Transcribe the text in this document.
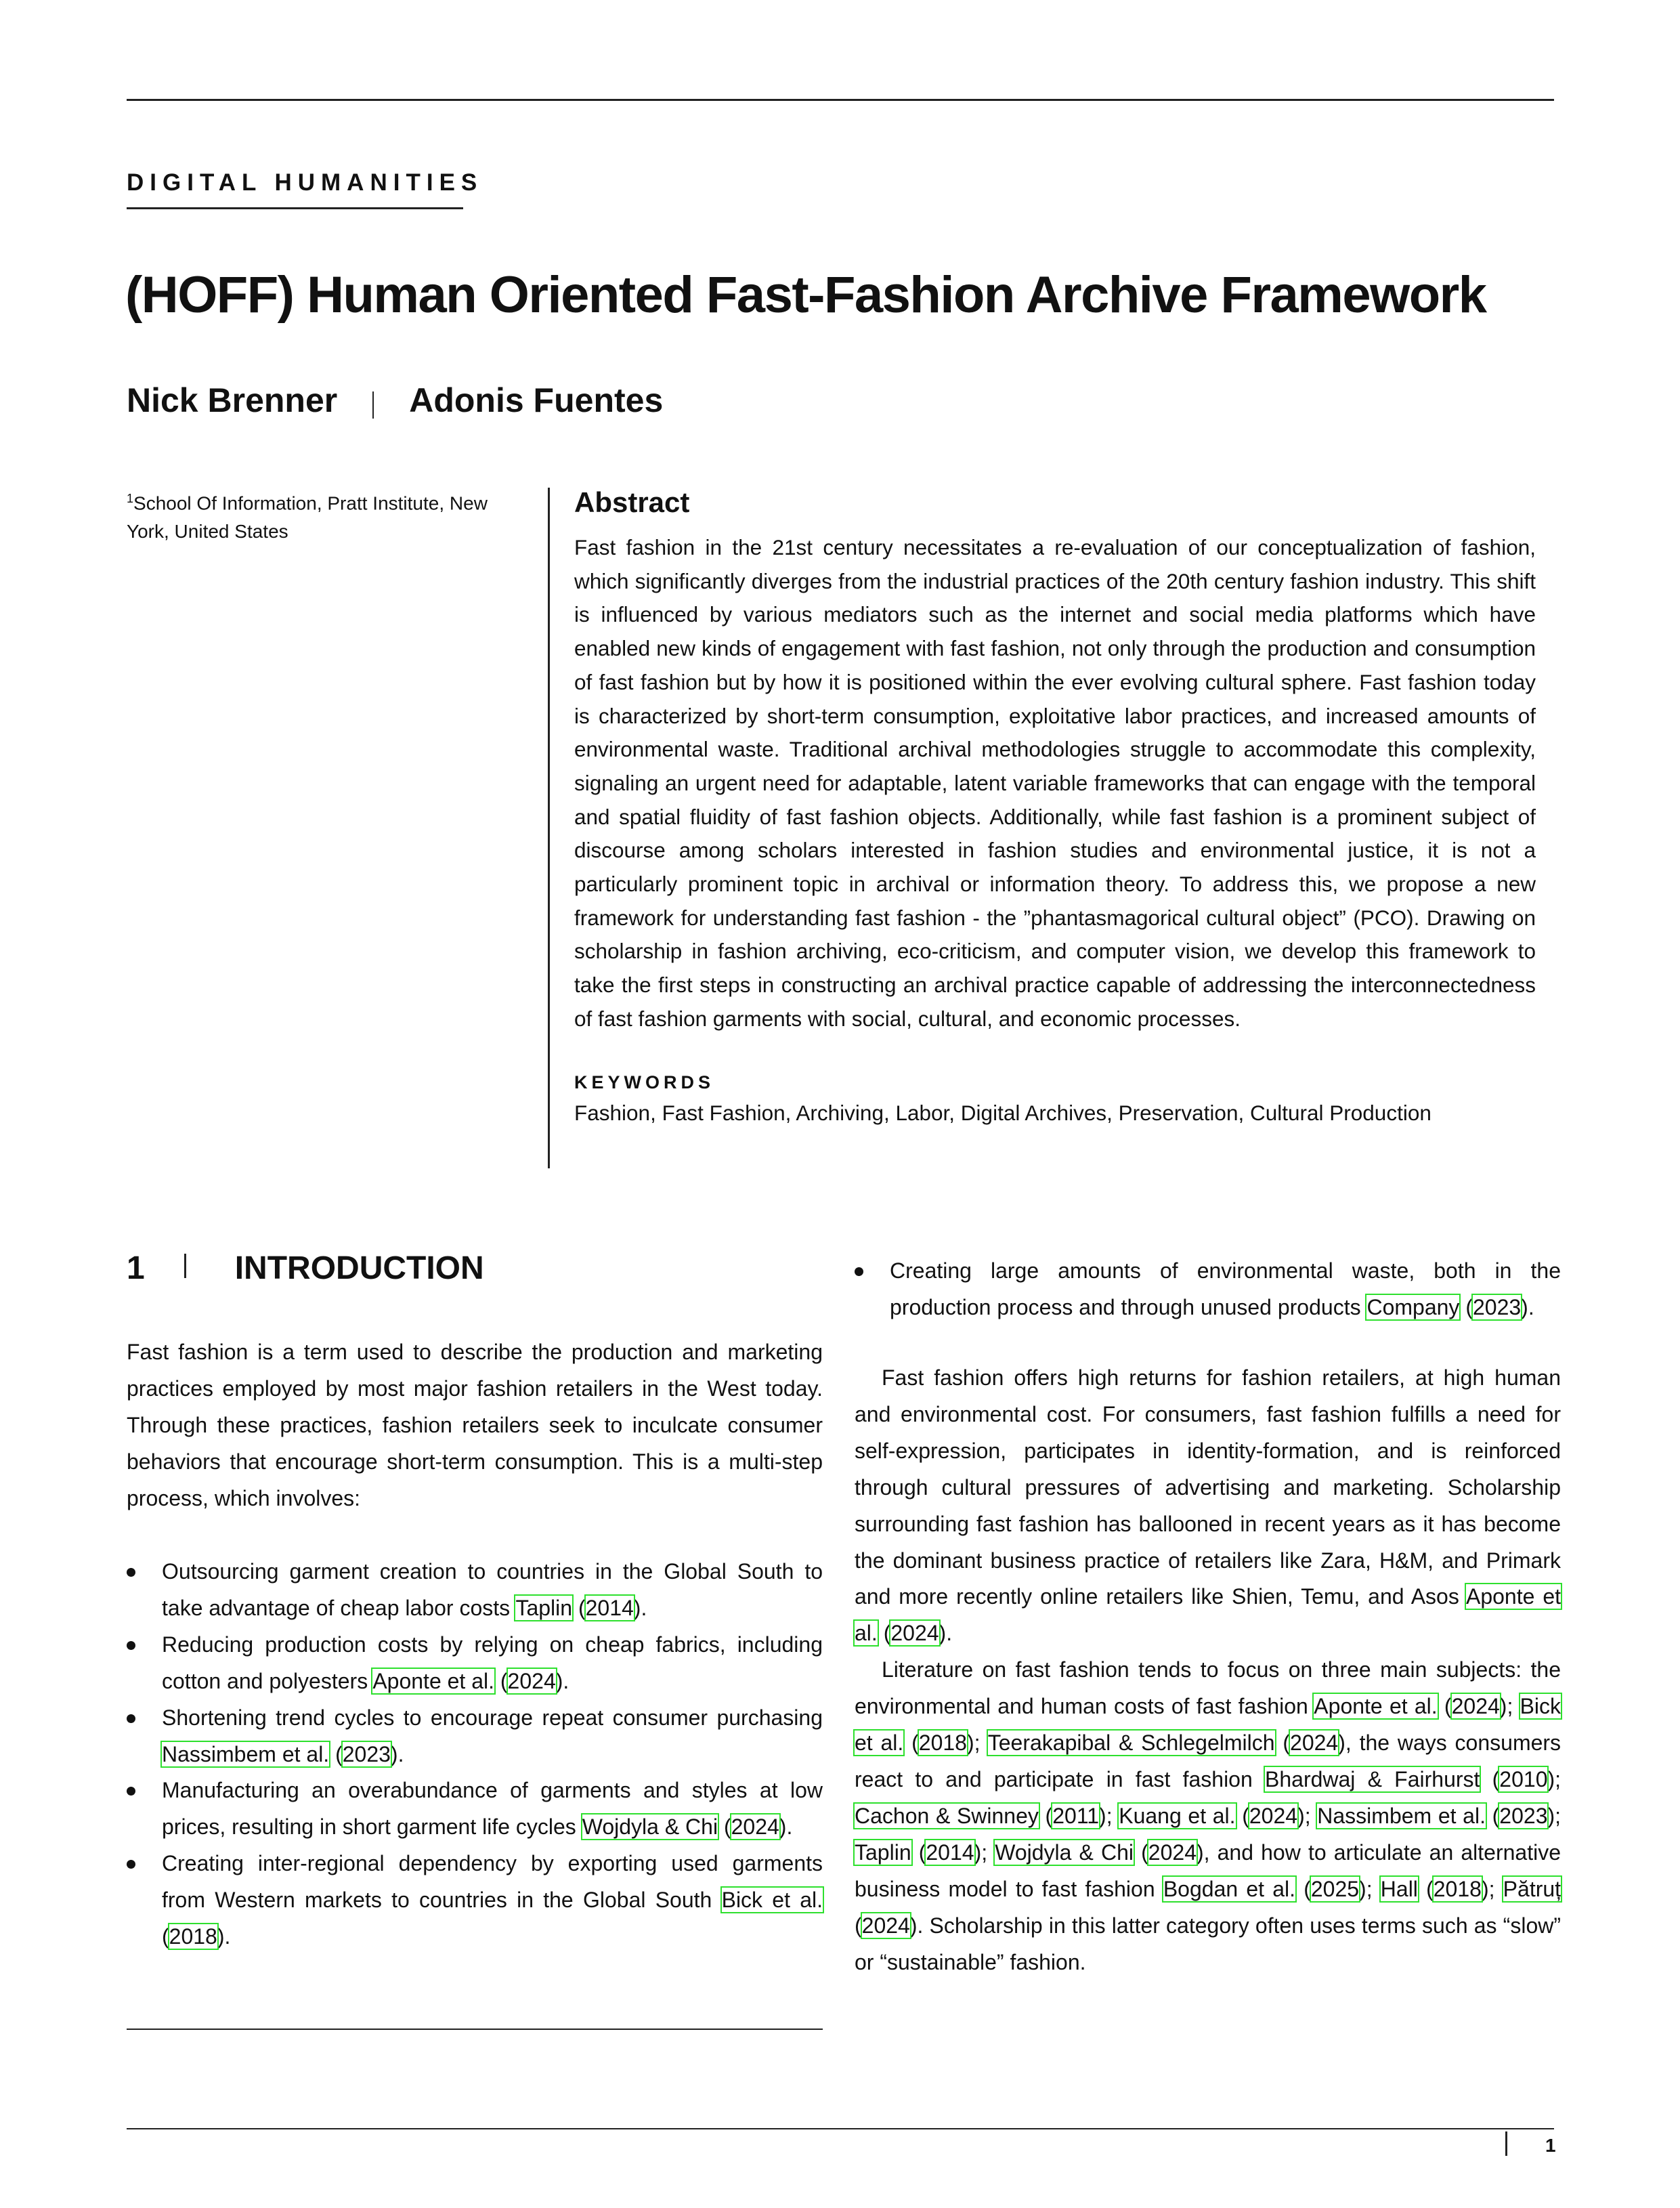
DIGITAL HUMANITIES
(HOFF) Human Oriented Fast-Fashion Archive Framework
Nick Brenner Adonis Fuentes
$^1$School Of Information, Pratt Institute, New York, United States
Abstract
Fast fashion in the 21st century necessitates a re-evaluation of our conceptualization of fashion, which significantly diverges from the industrial practices of the 20th century fashion industry. This shift is influenced by various mediators such as the internet and social media platforms which have enabled new kinds of engagement with fast fashion, not only through the production and consumption of fast fashion but by how it is positioned within the ever evolving cultural sphere. Fast fashion today is characterized by short-term consumption, exploitative labor practices, and increased amounts of environmental waste. Traditional archival methodologies struggle to accommodate this complexity, signaling an urgent need for adaptable, latent variable frameworks that can engage with the temporal and spatial fluidity of fast fashion objects. Additionally, while fast fashion is a prominent subject of discourse among scholars interested in fashion studies and environmental justice, it is not a particularly prominent topic in archival or information theory. To address this, we propose a new framework for understanding fast fashion - the ”phantasmagorical cultural object” (PCO). Drawing on scholarship in fashion archiving, eco-criticism, and computer vision, we develop this framework to take the first steps in constructing an archival practice capable of addressing the interconnectedness of fast fashion garments with social, cultural, and economic processes.
KEYWORDS
Fashion, Fast Fashion, Archiving, Labor, Digital Archives, Preservation, Cultural Production
1	INTRODUCTION

Fast fashion is a term used to describe the production and marketing practices employed by most major fashion retailers in the West today. Through these practices, fashion retailers seek to inculcate consumer behaviors that encourage short-term consumption. This is a multi-step process, which involves:

Outsourcing garment creation to countries in the Global South to take advantage of cheap labor costs Taplin (2014).
Reducing production costs by relying on cheap fabrics, including cotton and polyesters Aponte et al. (2024).
Shortening trend cycles to encourage repeat consumer purchasing Nassimbem et al. (2023).
Manufacturing an overabundance of garments and styles at low prices, resulting in short garment life cycles Wojdyla & Chi (2024).
Creating inter-regional dependency by exporting used garments from Western markets to countries in the Global South Bick et al. (2018).
Creating large amounts of environmental waste, both in the production process and through unused products Company (2023).

Fast fashion offers high returns for fashion retailers, at high human and environmental cost. For consumers, fast fashion fulfills a need for self-expression, participates in identity-formation, and is reinforced through cultural pressures of advertising and marketing. Scholarship surrounding fast fashion has ballooned in recent years as it has become the dominant business practice of retailers like Zara, H&M, and Primark and more recently online retailers like Shien, Temu, and Asos Aponte et al. (2024).

Literature on fast fashion tends to focus on three main subjects: the environmental and human costs of fast fashion Aponte et al. (2024); Bick et al. (2018); Teerakapibal & Schlegelmilch (2024), the ways consumers react to and participate in fast fashion Bhardwaj & Fairhurst (2010); Cachon & Swinney (2011); Kuang et al. (2024); Nassimbem et al. (2023); Taplin (2014); Wojdyla & Chi (2024), and how to articulate an alternative business model to fast fashion Bogdan et al. (2025); Hall (2018); Pătruț (2024). Scholarship in this latter category often uses terms such as “slow” or “sustainable” fashion.

1
